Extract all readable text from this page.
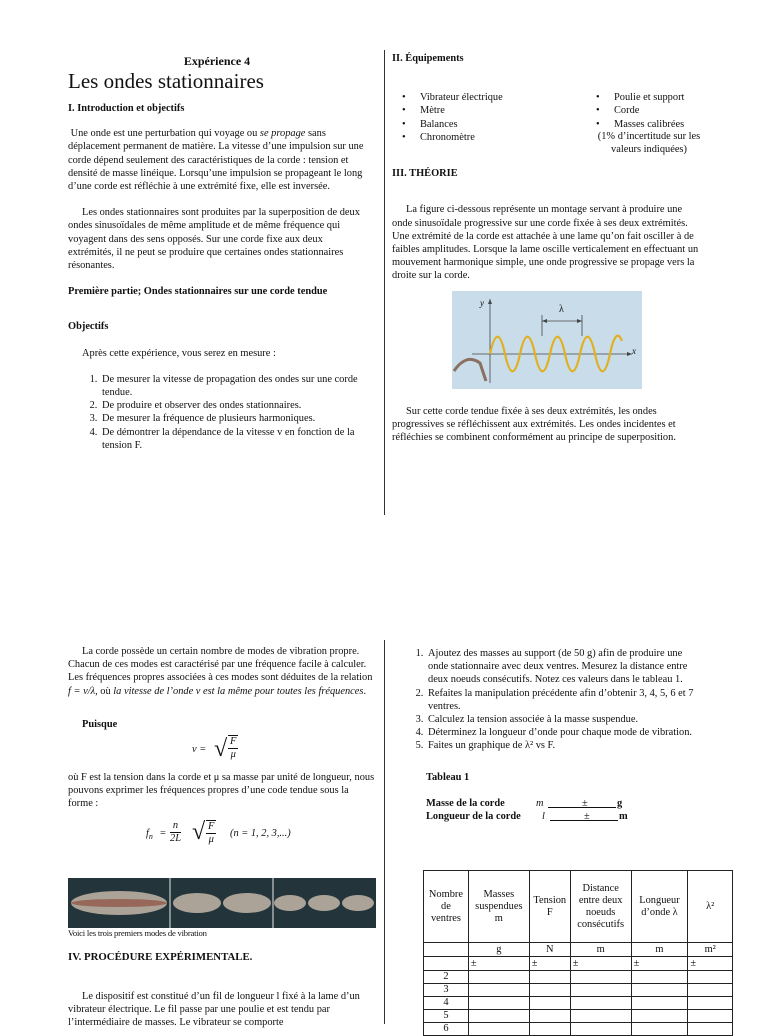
Expérience 4

Les ondes stationnaires

I. Introduction et objectifs

Une onde est une perturbation qui voyage ou se propage sans déplacement permanent de matière. La vitesse d’une impulsion sur une corde dépend seulement des caractéristiques de la corde : tension et densité de masse linéique. Lorsqu’une impulsion se propageant le long d’une corde est réfléchie à une extrémité fixe, elle est inversée.

Les ondes stationnaires sont produites par la superposition de deux ondes sinusoïdales de même amplitude et de même fréquence qui voyagent dans des sens opposés. Sur une corde fixe aux deux extrémités, il ne peut se produire que certaines ondes stationnaires résonantes.

Première partie; Ondes stationnaires sur une corde tendue

Objectifs

Après cette expérience, vous serez en mesure :

1. De mesurer la vitesse de propagation des ondes sur une corde tendue.
2. De produire et observer des ondes stationnaires.
3. De mesurer la fréquence de plusieurs harmoniques.
4. De démontrer la dépendance de la vitesse v en fonction de la tension F.

II. Équipements

• Vibrateur électrique
• Mètre
• Balances
• Chronomètre
• Poulie et support
• Corde
• Masses calibrées

(1% d’incertitude sur les valeurs indiquées)

III. THÉORIE

La figure ci-dessous représente un montage servant à produire une onde sinusoïdale progressive sur une corde fixée à ses deux extrémités. Une extrémité de la corde est attachée à une lame qu’on fait osciller à de faibles amplitudes. Lorsque la lame oscille verticalement en effectuant un mouvement harmonique simple, une onde progressive se propage vers la droite sur la corde.

y
x
λ

Sur cette corde tendue fixée à ses deux extrémités, les ondes progressives se réfléchissent aux extrémités. Les ondes incidentes et réfléchies se combinent conformément au principe de superposition.

La corde possède un certain nombre de modes de vibration propre. Chacun de ces modes est caractérisé par une fréquence facile à calculer. Les fréquences propres associées à ces modes sont déduites de la relation f = v/λ, où la vitesse de l’onde v est la même pour toutes les fréquences.

Puisque

v = √ $\frac{F}{\mu}$

où F est la tension dans la corde et μ sa masse par unité de longueur, nous pouvons exprimer les fréquences propres d’une code tendue sous la forme :

$f_n = \frac{n}{2L}$ √ $\frac{F}{\mu} (n = 1$, 2, 3,...)

Voici les trois premiers modes de vibration

IV. PROCÉDURE EXPÉRIMENTALE.

Le dispositif est constitué d’un fil de longueur l fixé à la lame d’un vibrateur électrique. Le fil passe par une poulie et est tendu par l’intermédiaire de masses. Le vibrateur se comporte

1. Ajoutez des masses au support (de 50 g) afin de produire une onde stationnaire avec deux ventres. Mesurez la distance entre deux noeuds consécutifs. Notez ces valeurs dans le tableau 1.
2. Refaites la manipulation précédente afin d’obtenir 3, 4, 5, 6 et 7 ventres.
3. Calculez la tension associée à la masse suspendue.
4. Déterminez la longueur d’onde pour chaque mode de vibration.
5. Faites un graphique de λ² vs F.

Tableau 1

Masse de la corde	m	±	g
Longueur de la corde l	±	m
Nombre de ventres	Masses suspendues m	Tension F	Distance entre deux noeuds consécutifs	Longueur d’onde λ	λ²
	g	N	m	m	m²
	±	±	±	±	±
2					
3					
4					
5					
6					
